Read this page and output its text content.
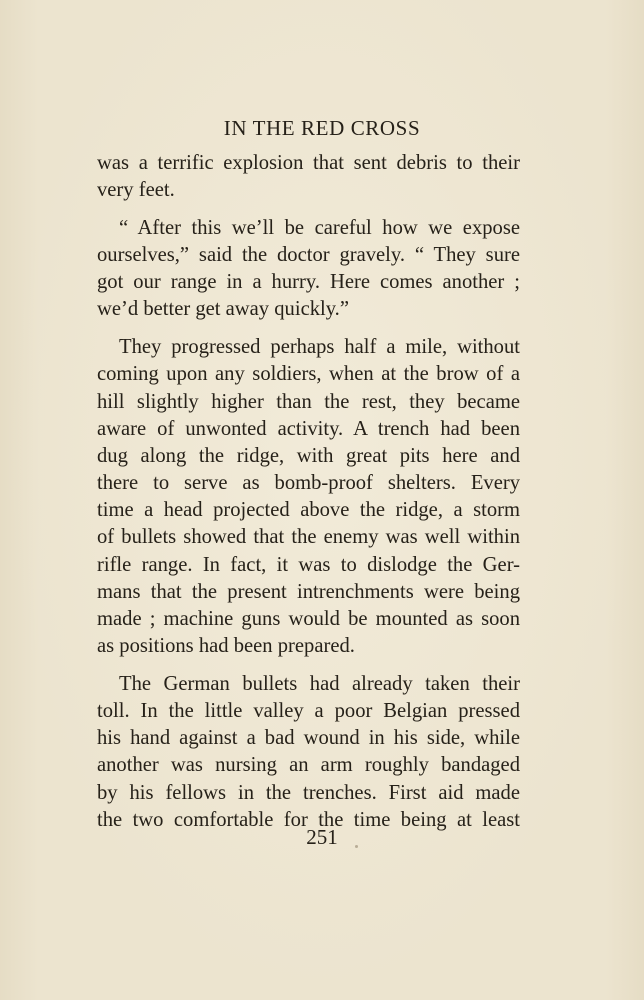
IN THE RED CROSS

was a terrific explosion that sent debris to their
very feet.

“ After this we’ll be careful how we expose
ourselves,” said the doctor gravely. “ They sure
got our range in a hurry. Here comes another ;
we’d better get away quickly.”

They progressed perhaps half a mile, without
coming upon any soldiers, when at the brow of a
hill slightly higher than the rest, they became
aware of unwonted activity. A trench had been
dug along the ridge, with great pits here and
there to serve as bomb-proof shelters. Every
time a head projected above the ridge, a storm
of bullets showed that the enemy was well within
rifle range. In fact, it was to dislodge the Ger-
mans that the present intrenchments were being
made ; machine guns would be mounted as soon
as positions had been prepared.

The German bullets had already taken their
toll. In the little valley a poor Belgian pressed
his hand against a bad wound in his side, while
another was nursing an arm roughly bandaged
by his fellows in the trenches. First aid made
the two comfortable for the time being at least

251
